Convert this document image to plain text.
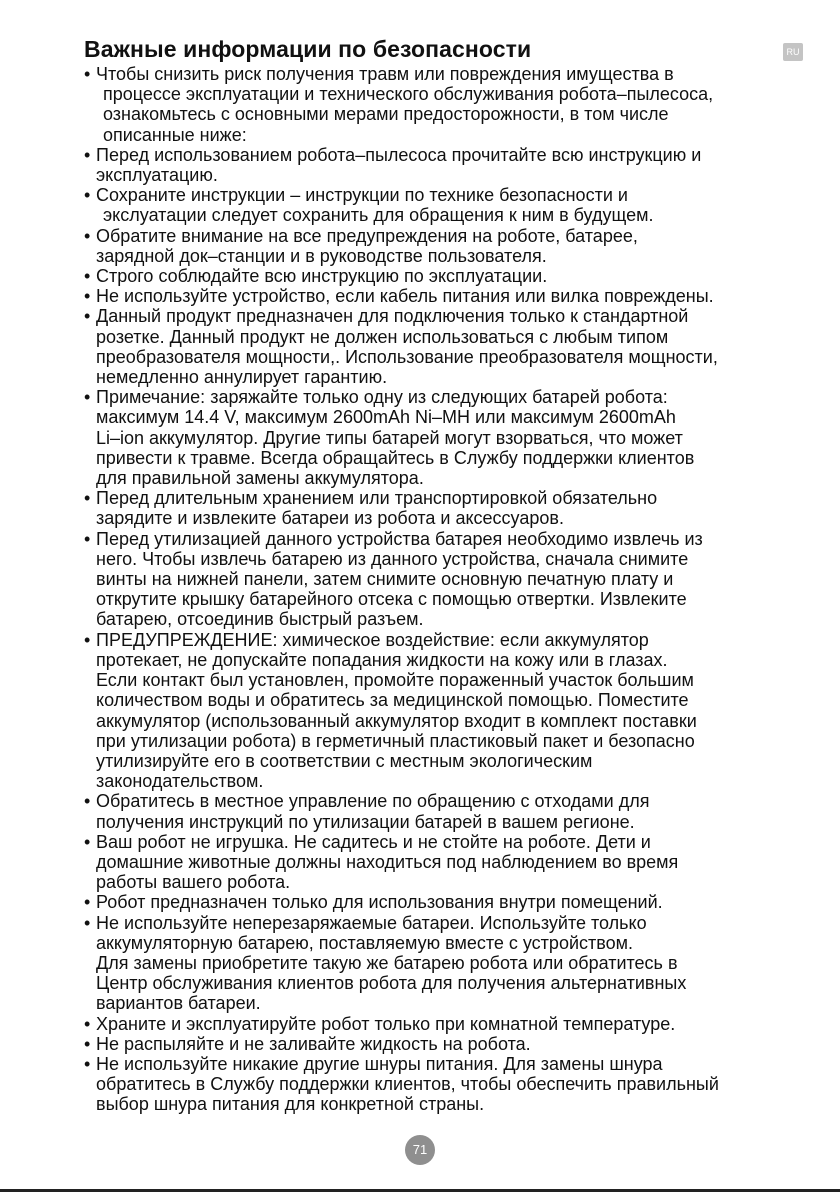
Важные информации по безопасности	RU
• Чтобы снизить риск получения травм или повреждения имущества в
процессе эксплуатации и технического обслуживания робота–пылесоса,
ознакомьтесь с основными мерами предосторожности, в том числе
описанные ниже:
• Перед использованием робота–пылесоса прочитайте всю инструкцию и
эксплуатацию.
• Сохраните инструкции – инструкции по технике безопасности и
экслуатации следует сохранить для обращения к ним в будущем.
• Обратите внимание на все предупреждения на роботе, батарее,
зарядной док–станции и в руководстве пользователя.
• Строго соблюдайте всю инструкцию по эксплуатации.
• Не используйте устройство, если кабель питания или вилка повреждены.
• Данный продукт предназначен для подключения только к стандартной
розетке. Данный продукт не должен использоваться с любым типом
преобразователя мощности,. Использование преобразователя мощности,
немедленно аннулирует гарантию.
• Примечание: заряжайте только одну из следующих батарей робота:
максимум 14.4 V, максимум 2600mAh Ni–MH или максимум 2600mAh
Li–ion аккумулятор. Другие типы батарей могут взорваться, что может
привести к травме. Всегда обращайтесь в Службу поддержки клиентов
для правильной замены аккумулятора.
• Перед длительным хранением или транспортировкой обязательно
зарядите и извлеките батареи из робота и аксессуаров.
• Перед утилизацией данного устройства батарея необходимо извлечь из
него. Чтобы извлечь батарею из данного устройства, сначала снимите
винты на нижней панели, затем снимите основную печатную плату и
открутите крышку батарейного отсека с помощью отвертки. Извлеките
батарею, отсоединив быстрый разъем.
• ПРЕДУПРЕЖДЕНИЕ: химическое воздействие: если аккумулятор
протекает, не допускайте попадания жидкости на кожу или в глазах.
Если контакт был установлен, промойте пораженный участок большим
количеством воды и обратитесь за медицинской помощью. Поместите
аккумулятор (использованный аккумулятор входит в комплект поставки
при утилизации робота) в герметичный пластиковый пакет и безопасно
утилизируйте его в соответствии с местным экологическим
законодательством.
• Обратитесь в местное управление по обращению с отходами для
получения инструкций по утилизации батарей в вашем регионе.
• Ваш робот не игрушка. Не садитесь и не стойте на роботе. Дети и
домашние животные должны находиться под наблюдением во время
работы вашего робота.
• Робот предназначен только для использования внутри помещений.
• Не используйте неперезаряжаемые батареи. Используйте только
аккумуляторную батарею, поставляемую вместе с устройством.
Для замены приобретите такую же батарею робота или обратитесь в
Центр обслуживания клиентов робота для получения альтернативных
вариантов батареи.
• Храните и эксплуатируйте робот только при комнатной температуре.
• Не распыляйте и не заливайте жидкость на робота.
• Не используйте никакие другие шнуры питания. Для замены шнура
обратитесь в Службу поддержки клиентов, чтобы обеспечить правильный
выбор шнура питания для конкретной страны.
71
